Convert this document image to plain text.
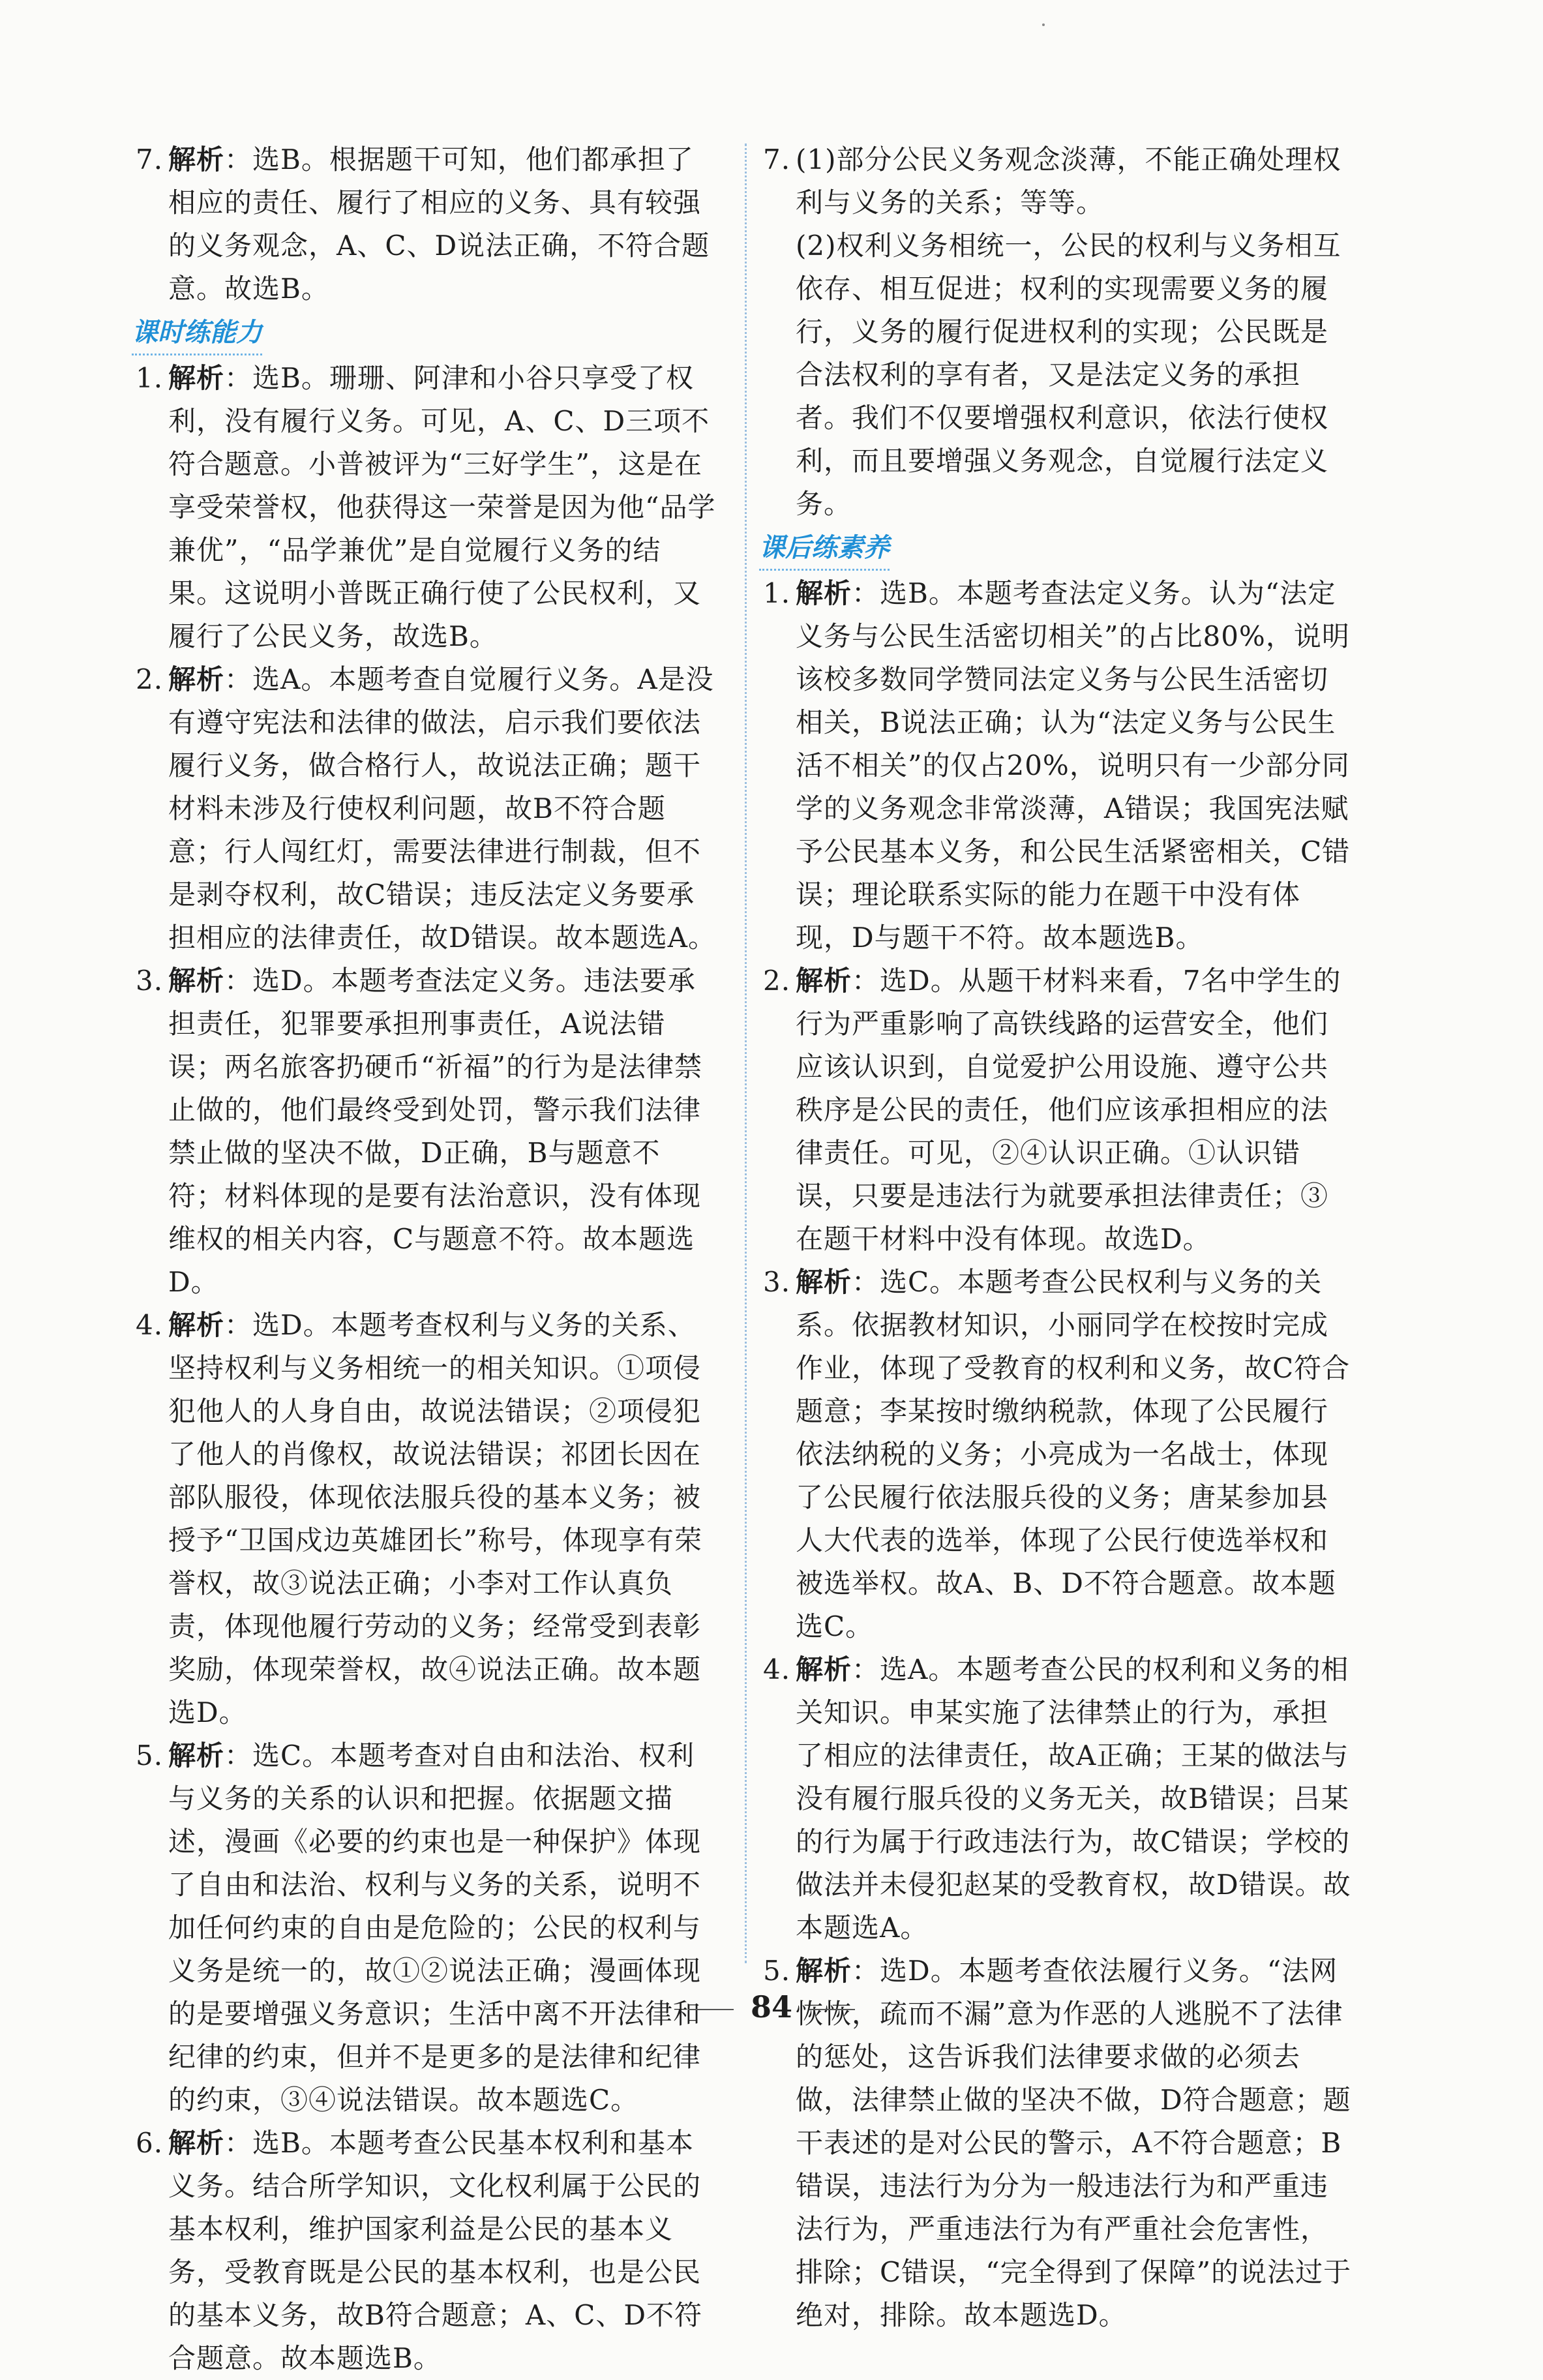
7. 解析：选B。根据题干可知，他们都承担了相应的责任、履行了相应的义务、具有较强的义务观念，A、C、D说法正确，不符合题意。故选B。

课时练能力

1. 解析：选B。珊珊、阿津和小谷只享受了权利，没有履行义务。可见，A、C、D三项不符合题意。小普被评为“三好学生”，这是在享受荣誉权，他获得这一荣誉是因为他“品学兼优”，“品学兼优”是自觉履行义务的结果。这说明小普既正确行使了公民权利，又履行了公民义务，故选B。

2. 解析：选A。本题考查自觉履行义务。A是没有遵守宪法和法律的做法，启示我们要依法履行义务，做合格行人，故说法正确；题干材料未涉及行使权利问题，故B不符合题意；行人闯红灯，需要法律进行制裁，但不是剥夺权利，故C错误；违反法定义务要承担相应的法律责任，故D错误。故本题选A。

3. 解析：选D。本题考查法定义务。违法要承担责任，犯罪要承担刑事责任，A说法错误；两名旅客扔硬币“祈福”的行为是法律禁止做的，他们最终受到处罚，警示我们法律禁止做的坚决不做，D正确，B与题意不符；材料体现的是要有法治意识，没有体现维权的相关内容，C与题意不符。故本题选D。

4. 解析：选D。本题考查权利与义务的关系、坚持权利与义务相统一的相关知识。①项侵犯他人的人身自由，故说法错误；②项侵犯了他人的肖像权，故说法错误；祁团长因在部队服役，体现依法服兵役的基本义务；被授予“卫国戍边英雄团长”称号，体现享有荣誉权，故③说法正确；小李对工作认真负责，体现他履行劳动的义务；经常受到表彰奖励，体现荣誉权，故④说法正确。故本题选D。

5. 解析：选C。本题考查对自由和法治、权利与义务的关系的认识和把握。依据题文描述，漫画《必要的约束也是一种保护》体现了自由和法治、权利与义务的关系，说明不加任何约束的自由是危险的；公民的权利与义务是统一的，故①②说法正确；漫画体现的是要增强义务意识；生活中离不开法律和纪律的约束，但并不是更多的是法律和纪律的约束，③④说法错误。故本题选C。

6. 解析：选B。本题考查公民基本权利和基本义务。结合所学知识，文化权利属于公民的基本权利，维护国家利益是公民的基本义务，受教育既是公民的基本权利，也是公民的基本义务，故B符合题意；A、C、D不符合题意。故本题选B。

7. (1)部分公民义务观念淡薄，不能正确处理权利与义务的关系；等等。

(2)权利义务相统一，公民的权利与义务相互依存、相互促进；权利的实现需要义务的履行，义务的履行促进权利的实现；公民既是合法权利的享有者，又是法定义务的承担者。我们不仅要增强权利意识，依法行使权利，而且要增强义务观念，自觉履行法定义务。

课后练素养

1. 解析：选B。本题考查法定义务。认为“法定义务与公民生活密切相关”的占比80%，说明该校多数同学赞同法定义务与公民生活密切相关，B说法正确；认为“法定义务与公民生活不相关”的仅占20%，说明只有一少部分同学的义务观念非常淡薄，A错误；我国宪法赋予公民基本义务，和公民生活紧密相关，C错误；理论联系实际的能力在题干中没有体现，D与题干不符。故本题选B。

2. 解析：选D。从题干材料来看，7名中学生的行为严重影响了高铁线路的运营安全，他们应该认识到，自觉爱护公用设施、遵守公共秩序是公民的责任，他们应该承担相应的法律责任。可见，②④认识正确。①认识错误，只要是违法行为就要承担法律责任；③在题干材料中没有体现。故选D。

3. 解析：选C。本题考查公民权利与义务的关系。依据教材知识，小丽同学在校按时完成作业，体现了受教育的权利和义务，故C符合题意；李某按时缴纳税款，体现了公民履行依法纳税的义务；小亮成为一名战士，体现了公民履行依法服兵役的义务；唐某参加县人大代表的选举，体现了公民行使选举权和被选举权。故A、B、D不符合题意。故本题选C。

4. 解析：选A。本题考查公民的权利和义务的相关知识。申某实施了法律禁止的行为，承担了相应的法律责任，故A正确；王某的做法与没有履行服兵役的义务无关，故B错误；吕某的行为属于行政违法行为，故C错误；学校的做法并未侵犯赵某的受教育权，故D错误。故本题选A。

5. 解析：选D。本题考查依法履行义务。“法网恢恢，疏而不漏”意为作恶的人逃脱不了法律的惩处，这告诉我们法律要求做的必须去做，法律禁止做的坚决不做，D符合题意；题干表述的是对公民的警示，A不符合题意；B错误，违法行为分为一般违法行为和严重违法行为，严重违法行为有严重社会危害性，排除；C错误，“完全得到了保障”的说法过于绝对，排除。故本题选D。

84
